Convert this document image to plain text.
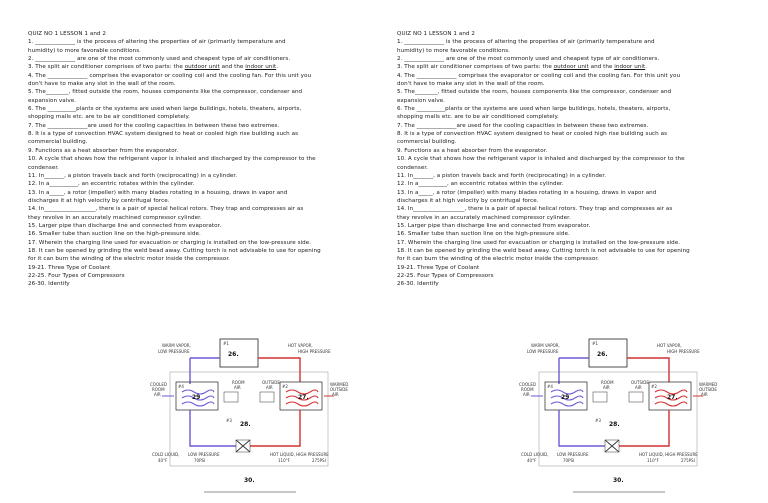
QUIZ NO 1 LESSON 1 and 2
1. ______________ is the process of altering the properties of air (primarily temperature and
humidity) to more favorable conditions.
2. ______________ are one of the most commonly used and cheapest type of air conditioners.
3. The split air conditioner comprises of two parts: the outdoor unit and the indoor unit.
4. The ______________ comprises the evaporator or cooling coil and the cooling fan. For this unit you
don't have to make any slot in the wall of the room.
5. The________, fitted outside the room, houses components like the compressor, condenser and
expansion valve.
6. The __________plants or the systems are used when large buildings, hotels, theaters, airports,
shopping malls etc. are to be air conditioned completely.
7. The ______________are used for the cooling capacities in between these two extremes.
8. It is a type of convection HVAC system designed to heat or cooled high rise building such as
commercial building.
9. Functions as a heat absorber from the evaporator.
10. A cycle that shows how the refrigerant vapor is inhaled and discharged by the compressor to the
condenser.
11. In_______, a piston travels back and forth (reciprocating) in a cylinder.
12. In a__________, an eccentric rotates within the cylinder.
13. In a_____, a rotor (impeller) with many blades rotating in a housing, draws in vapor and
discharges it at high velocity by centrifugal force.
14. In__________________, there is a pair of special helical rotors. They trap and compresses air as
they revolve in an accurately machined compressor cylinder.
15. Larger pipe than discharge line and connected from evaporator.
16. Smaller tube than suction line on the high-pressure side.
17. Wherein the charging line used for evacuation or charging is installed on the low-pressure side.
18. It can be opened by grinding the weld bead away. Cutting torch is not advisable to use for opening
for it can burn the winding of the electric motor inside the compressor.
19-21. Three Type of Coolant
22-25. Four Types of Compressors
26-30. Identify
QUIZ NO 1 LESSON 1 and 2
1. ______________ is the process of altering the properties of air (primarily temperature and
humidity) to more favorable conditions.
2. ______________ are one of the most commonly used and cheapest type of air conditioners.
3. The split air conditioner comprises of two parts: the outdoor unit and the indoor unit.
4. The ______________ comprises the evaporator or cooling coil and the cooling fan. For this unit you
don't have to make any slot in the wall of the room.
5. The________, fitted outside the room, houses components like the compressor, condenser and
expansion valve.
6. The __________plants or the systems are used when large buildings, hotels, theaters, airports,
shopping malls etc. are to be air conditioned completely.
7. The ______________are used for the cooling capacities in between these two extremes.
8. It is a type of convection HVAC system designed to heat or cooled high rise building such as
commercial building.
9. Functions as a heat absorber from the evaporator.
10. A cycle that shows how the refrigerant vapor is inhaled and discharged by the compressor to the
condenser.
11. In_______, a piston travels back and forth (reciprocating) in a cylinder.
12. In a__________, an eccentric rotates within the cylinder.
13. In a_____, a rotor (impeller) with many blades rotating in a housing, draws in vapor and
discharges it at high velocity by centrifugal force.
14. In__________________, there is a pair of special helical rotors. They trap and compresses air as
they revolve in an accurately machined compressor cylinder.
15. Larger pipe than discharge line and connected from evaporator.
16. Smaller tube than suction line on the high-pressure side.
17. Wherein the charging line used for evacuation or charging is installed on the low-pressure side.
18. It can be opened by grinding the weld bead away. Cutting torch is not advisable to use for opening
for it can burn the winding of the electric motor inside the compressor.
19-21. Three Type of Coolant
22-25. Four Types of Compressors
26-30. Identify
WARM VAPOR,
LOW PRESSURE
HOT VAPOR,
HIGH PRESSURE
#1
26.
#4
29
COOLED
ROOM
AIR
ROOM
AIR
OUTSIDE
AIR #2
27.
WARMED
OUTSIDE
AIR
#3
28.
COLD LIQUID,
40°F
LOW PRESSURE
70PSI
HOT LIQUID, HIGH PRESSURE
110°F	275PSI
30.
WARM VAPOR,
LOW PRESSURE
HOT VAPOR,
HIGH PRESSURE
#1
26.
#4
29
COOLED
ROOM
AIR
ROOM
AIR
OUTSIDE
AIR #2
27.
WARMED
OUTSIDE
AIR
#3
28.
COLD LIQUID,
40°F
LOW PRESSURE
70PSI
HOT LIQUID, HIGH PRESSURE
110°F	275PSI
30.
